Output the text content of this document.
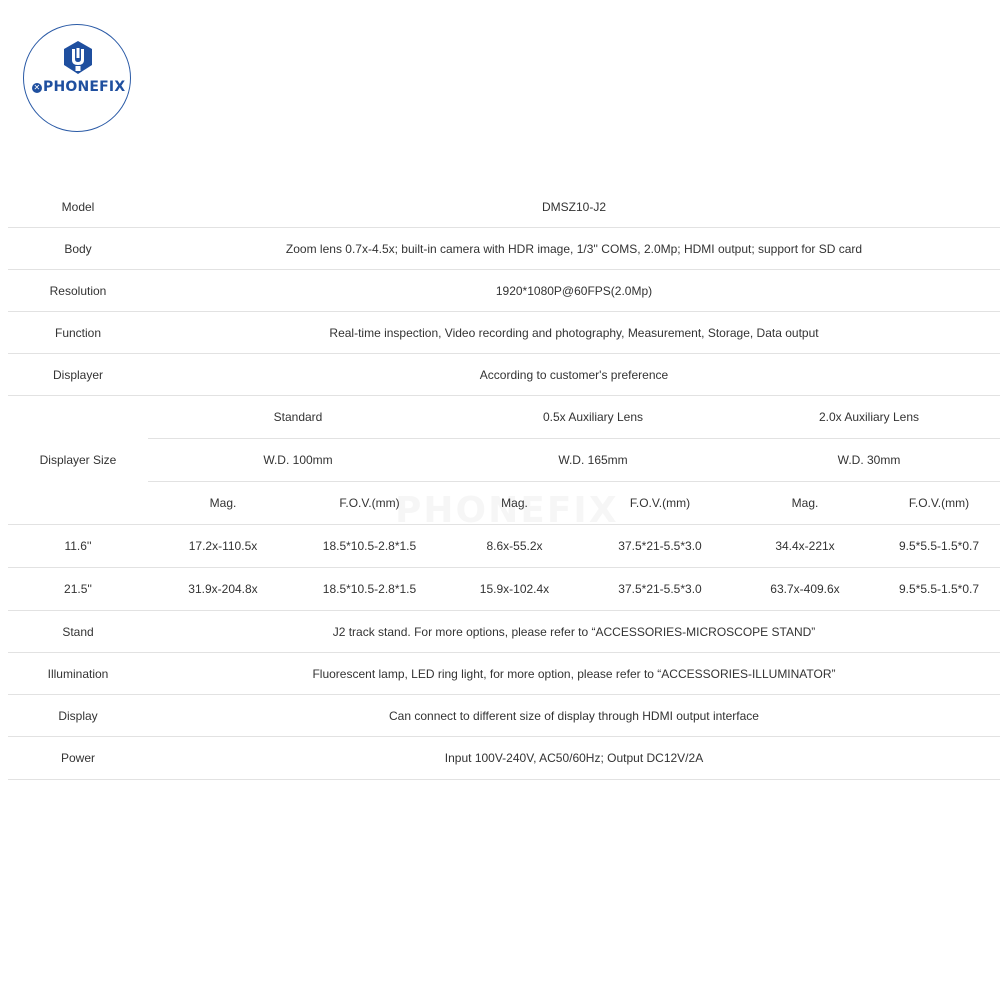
✕ PHONEFIX
Model	DMSZ10-J2
Body	Zoom lens 0.7x-4.5x; built-in camera with HDR image, 1/3'' COMS, 2.0Mp; HDMI output; support for SD card
Resolution	1920*1080P@60FPS(2.0Mp)
Function	Real-time inspection, Video recording and photography, Measurement, Storage, Data output
Displayer	According to customer's preference
Displayer Size
Standard	0.5x Auxiliary Lens	2.0x Auxiliary Lens
W.D. 100mm	W.D. 165mm	W.D. 30mm
Mag.	F.O.V.(mm)	Mag.	F.O.V.(mm)	Mag.	F.O.V.(mm)
11.6''	17.2x-110.5x	18.5*10.5-2.8*1.5	8.6x-55.2x	37.5*21-5.5*3.0	34.4x-221x	9.5*5.5-1.5*0.7
21.5''	31.9x-204.8x	18.5*10.5-2.8*1.5	15.9x-102.4x	37.5*21-5.5*3.0	63.7x-409.6x	9.5*5.5-1.5*0.7
Stand	J2 track stand. For more options, please refer to “ACCESSORIES-MICROSCOPE STAND”
Illumination	Fluorescent lamp, LED ring light, for more option, please refer to “ACCESSORIES-ILLUMINATOR”
Display	Can connect to different size of display through HDMI output interface
Power	Input 100V-240V, AC50/60Hz; Output DC12V/2A
